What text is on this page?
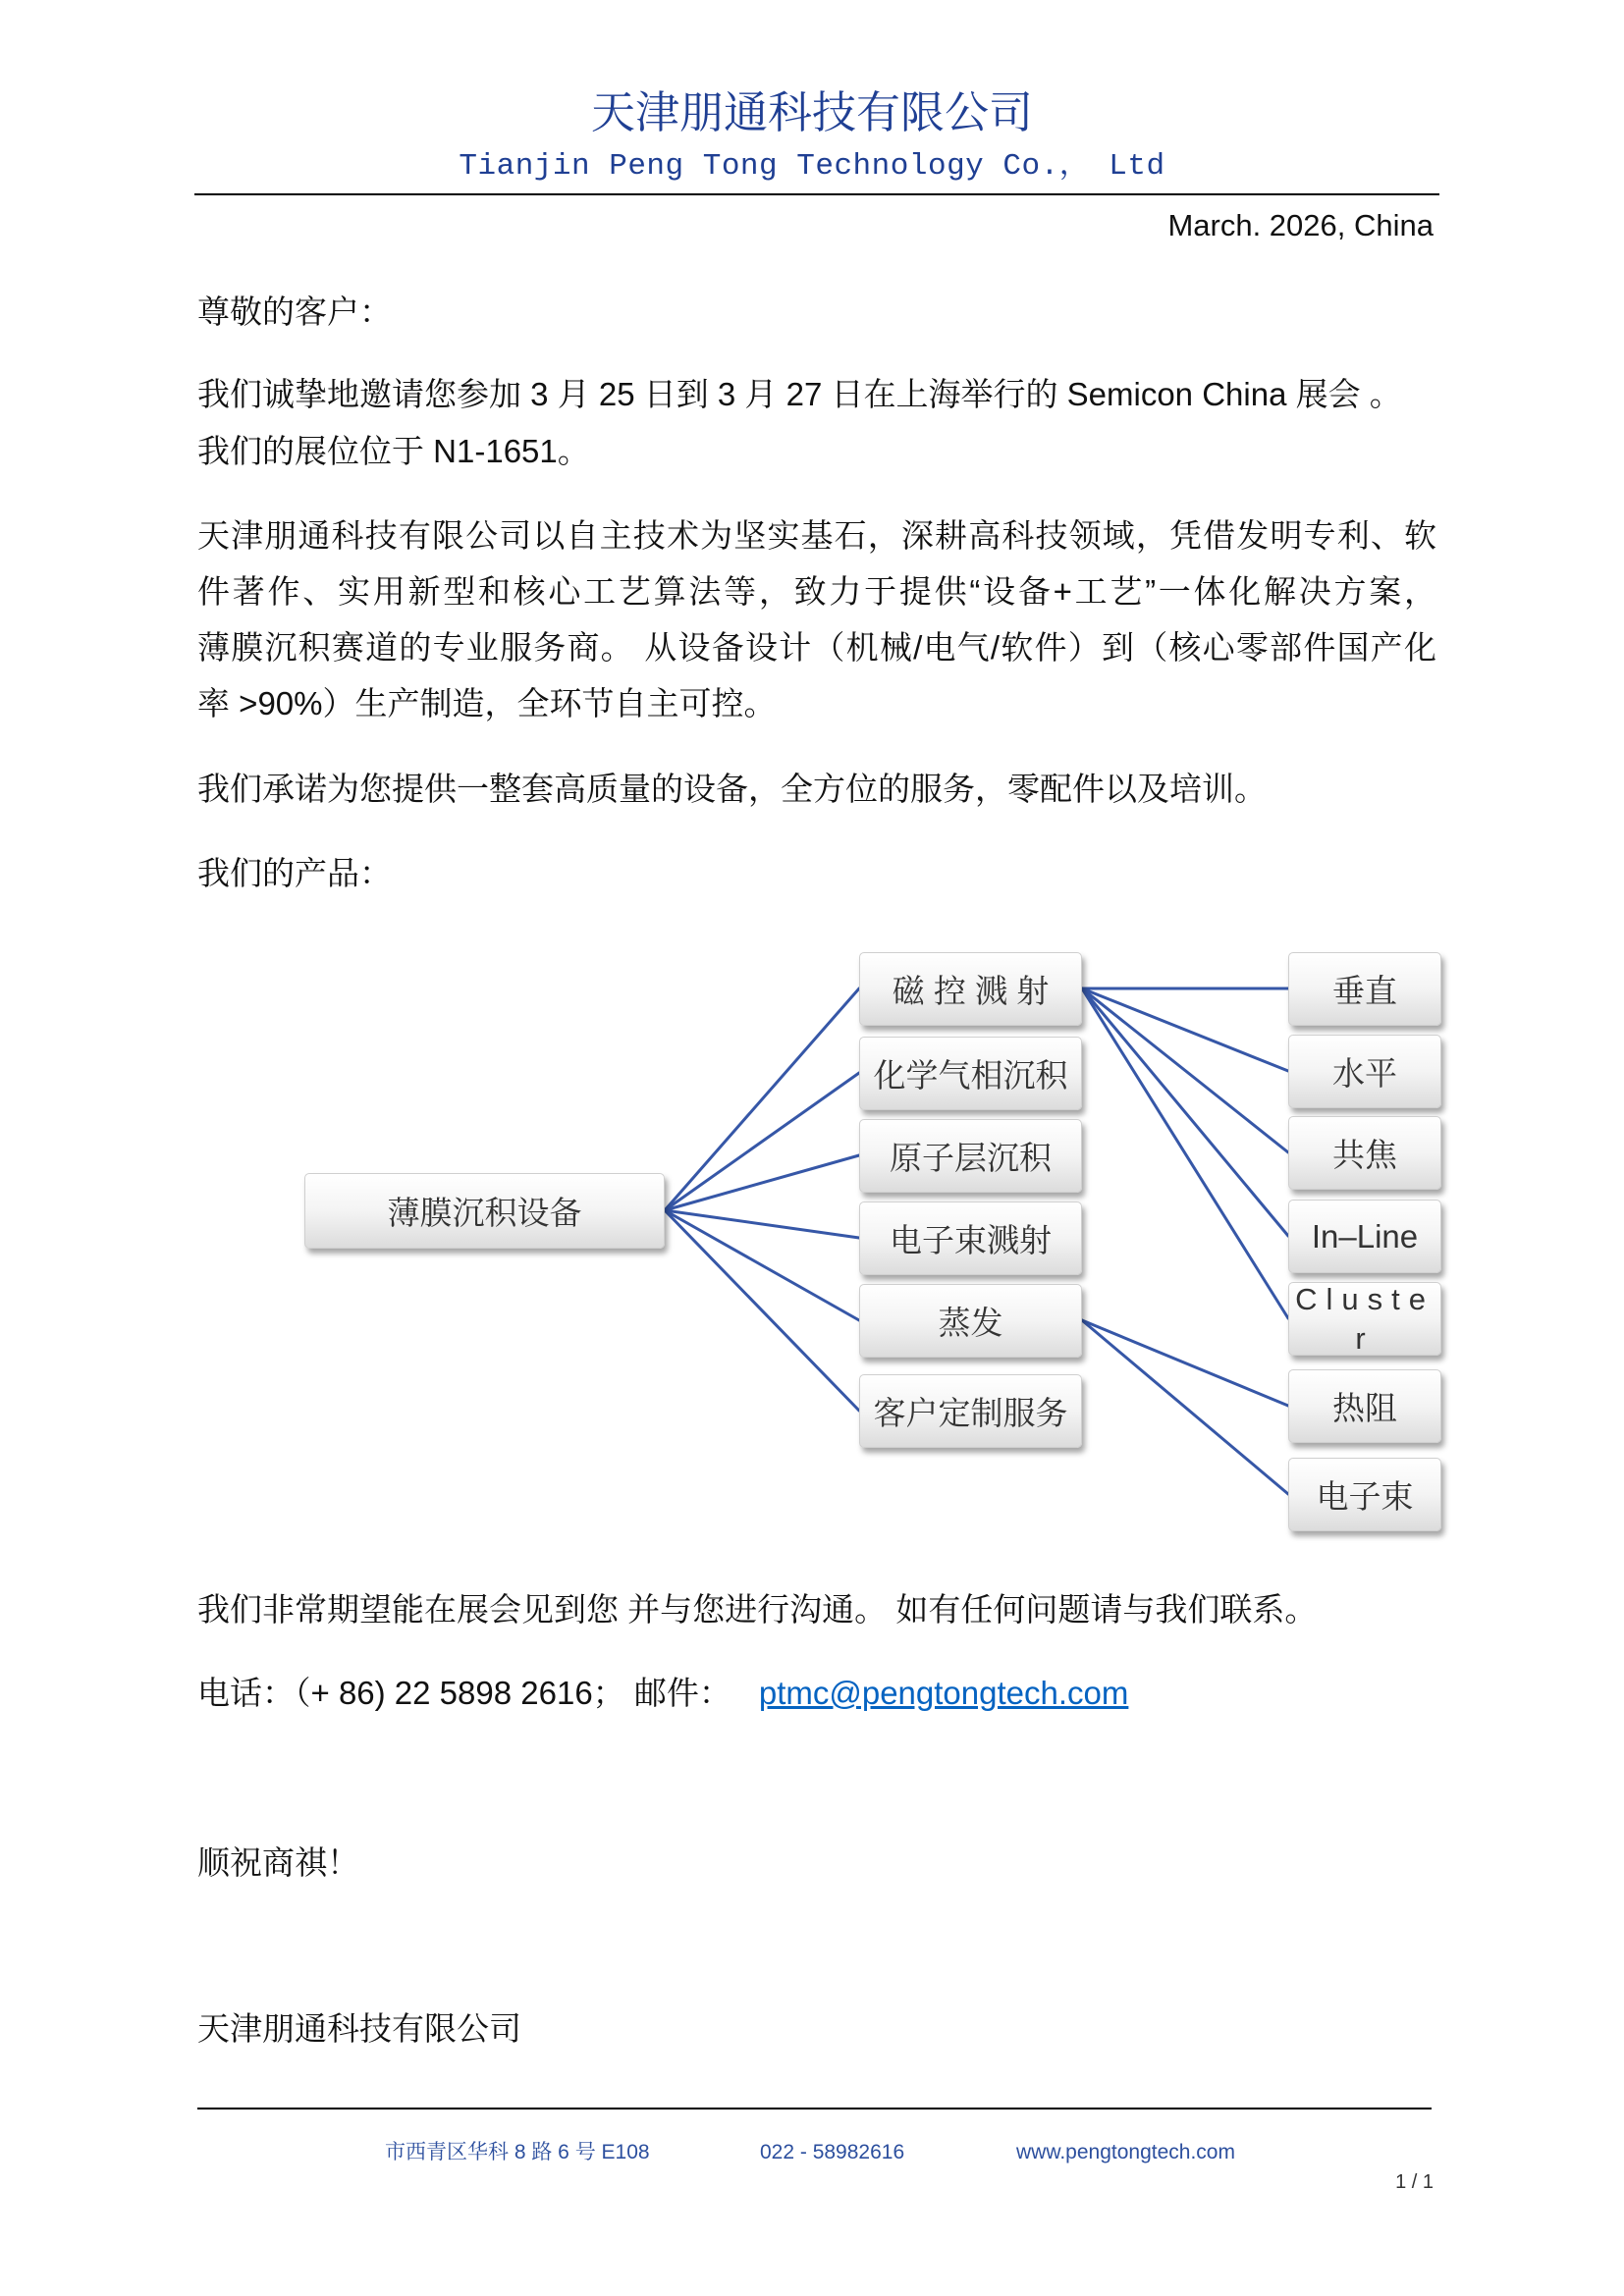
天津朋通科技有限公司
Tianjin Peng Tong Technology Co.， Ltd
March. 2026, China
尊敬的客户：
我们诚挚地邀请您参加 3 月 25 日到 3 月 27 日在上海举行的 Semicon China 展会 。
我们的展位位于 N1-1651。
天津朋通科技有限公司以自主技术为坚实基石，深耕高科技领域，凭借发明专利、软
件著作、实用新型和核心工艺算法等，致力于提供“设备+工艺”一体化解决方案，
薄膜沉积赛道的专业服务商。 从设备设计（机械/电气/软件）到（核心零部件国产化
率 >90%）生产制造，全环节自主可控。
我们承诺为您提供一整套高质量的设备，全方位的服务，零配件以及培训。
我们的产品：
薄膜沉积设备
磁 控 溅 射
化学气相沉积
原子层沉积
电子束溅射
蒸发
客户定制服务
垂直
水平
共焦
In–Line
Cluster
热阻
电子束
我们非常期望能在展会见到您 并与您进行沟通。 如有任何问题请与我们联系。
电话：（+ 86) 22 5898 2616； 邮件： ptmc@pengtongtech.com
顺祝商祺！
天津朋通科技有限公司
市西青区华科 8 路 6 号 E108	022 - 58982616	www.pengtongtech.com
1 / 1
